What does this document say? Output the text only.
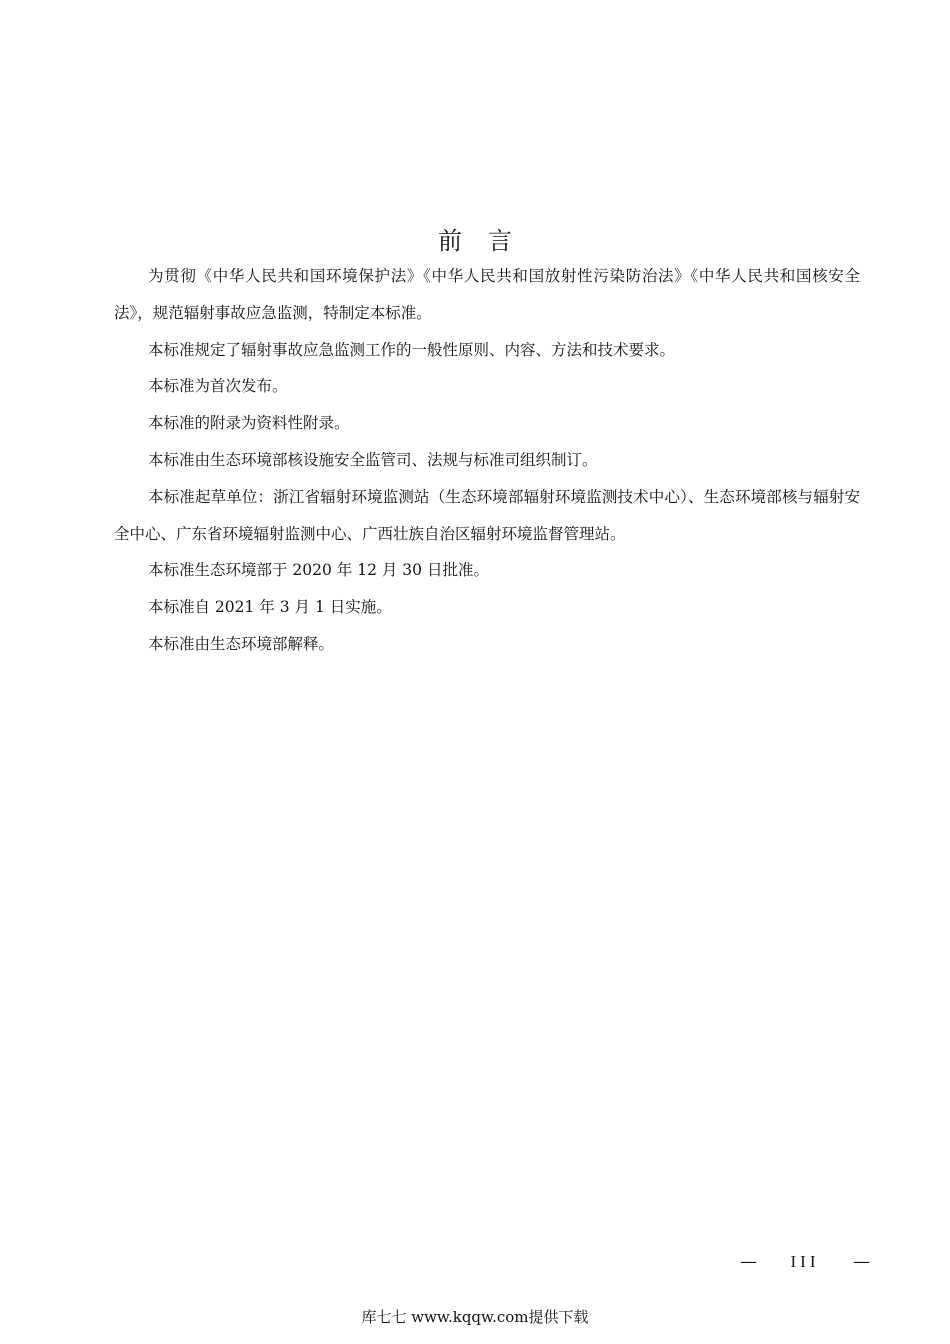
前言

为贯彻《中华人民共和国环境保护法》《中华人民共和国放射性污染防治法》《中华人民共和国核安全法》，规范辐射事故应急监测，特制定本标准。

本标准规定了辐射事故应急监测工作的一般性原则、内容、方法和技术要求。

本标准为首次发布。

本标准的附录为资料性附录。

本标准由生态环境部核设施安全监管司、法规与标准司组织制订。

本标准起草单位：浙江省辐射环境监测站（生态环境部辐射环境监测技术中心）、生态环境部核与辐射安全中心、广东省环境辐射监测中心、广西壮族自治区辐射环境监督管理站。

本标准生态环境部于 2020 年 12 月 30 日批准。

本标准自 2021 年 3 月 1 日实施。

本标准由生态环境部解释。

— III —
库七七 www.kqqw.com提供下载
